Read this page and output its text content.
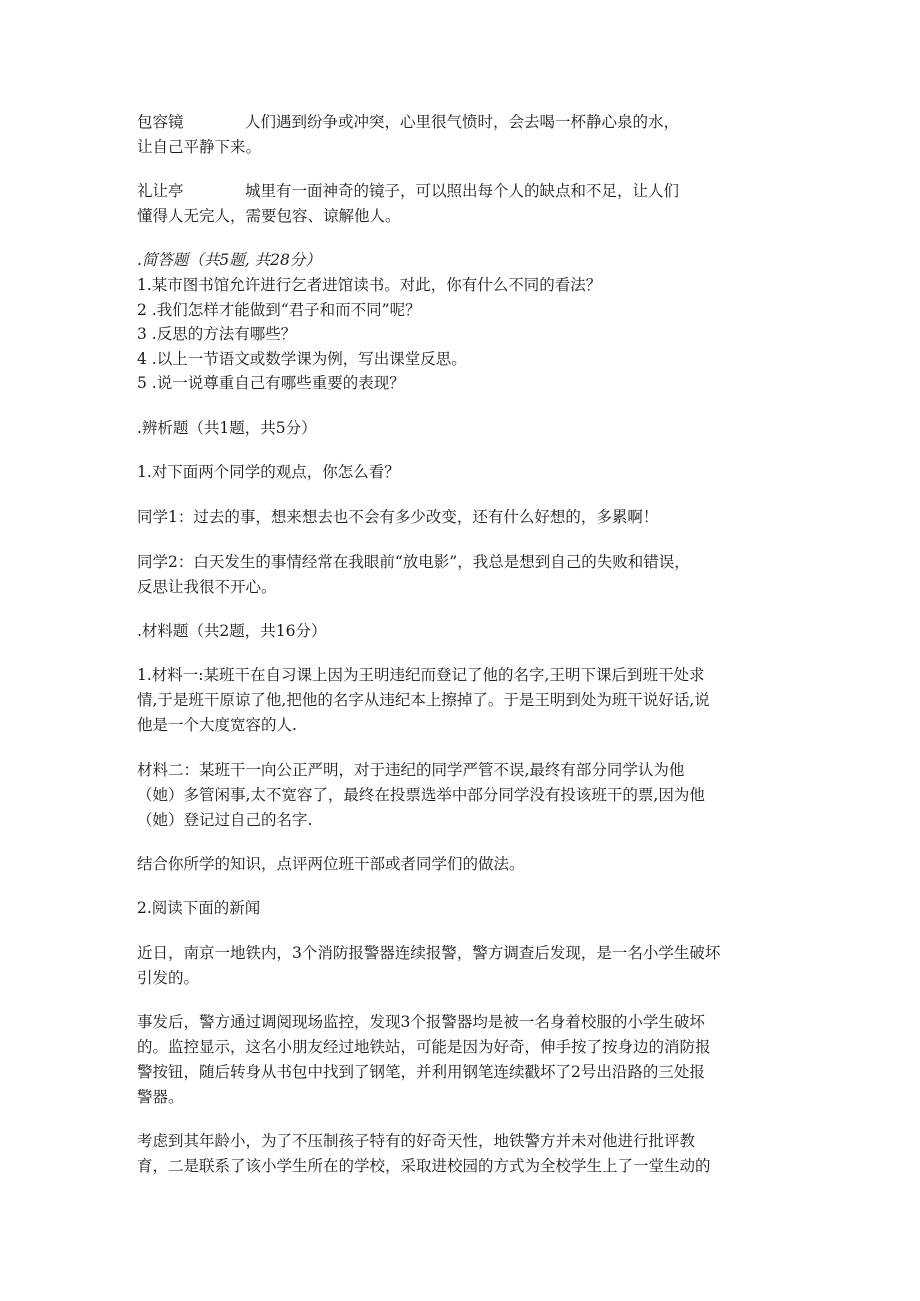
包容镜	人们遇到纷争或冲突，心里很气愤时，会去喝一杯静心泉的水，
让自己平静下来。
礼让亭	城里有一面神奇的镜子，可以照出每个人的缺点和不足，让人们
懂得人无完人，需要包容、谅解他人。
.简答题（共5题, 共28分）
1.某市图书馆允许进行乞者进馆读书。对此，你有什么不同的看法？
2 .我们怎样才能做到“君子和而不同”呢？
3 .反思的方法有哪些？
4 .以上一节语文或数学课为例，写出课堂反思。
5 .说一说尊重自己有哪些重要的表现？
.辨析题（共1题，共5分）
1.对下面两个同学的观点，你怎么看？
同学1：过去的事，想来想去也不会有多少改变，还有什么好想的，多累啊！
同学2：白天发生的事情经常在我眼前“放电影”，我总是想到自己的失败和错误，
反思让我很不开心。
.材料题（共2题，共16分）
1.材料一:某班干在自习课上因为王明违纪而登记了他的名字,王明下课后到班干处求
情,于是班干原谅了他,把他的名字从违纪本上擦掉了。于是王明到处为班干说好话,说
他是一个大度宽容的人.
材料二：某班干一向公正严明，对于违纪的同学严管不误,最终有部分同学认为他
（她）多管闲事,太不宽容了，最终在投票选举中部分同学没有投该班干的票,因为他
（她）登记过自己的名字.
结合你所学的知识，点评两位班干部或者同学们的做法。
2.阅读下面的新闻
近日，南京一地铁内，3个消防报警器连续报警，警方调查后发现，是一名小学生破坏
引发的。
事发后，警方通过调阅现场监控，发现3个报警器均是被一名身着校服的小学生破坏
的。监控显示，这名小朋友经过地铁站，可能是因为好奇，伸手按了按身边的消防报
警按钮，随后转身从书包中找到了钢笔，并利用钢笔连续戳坏了2号出沿路的三处报
警器。
考虑到其年龄小，为了不压制孩子特有的好奇天性，地铁警方并未对他进行批评教
育，二是联系了该小学生所在的学校，采取进校园的方式为全校学生上了一堂生动的
